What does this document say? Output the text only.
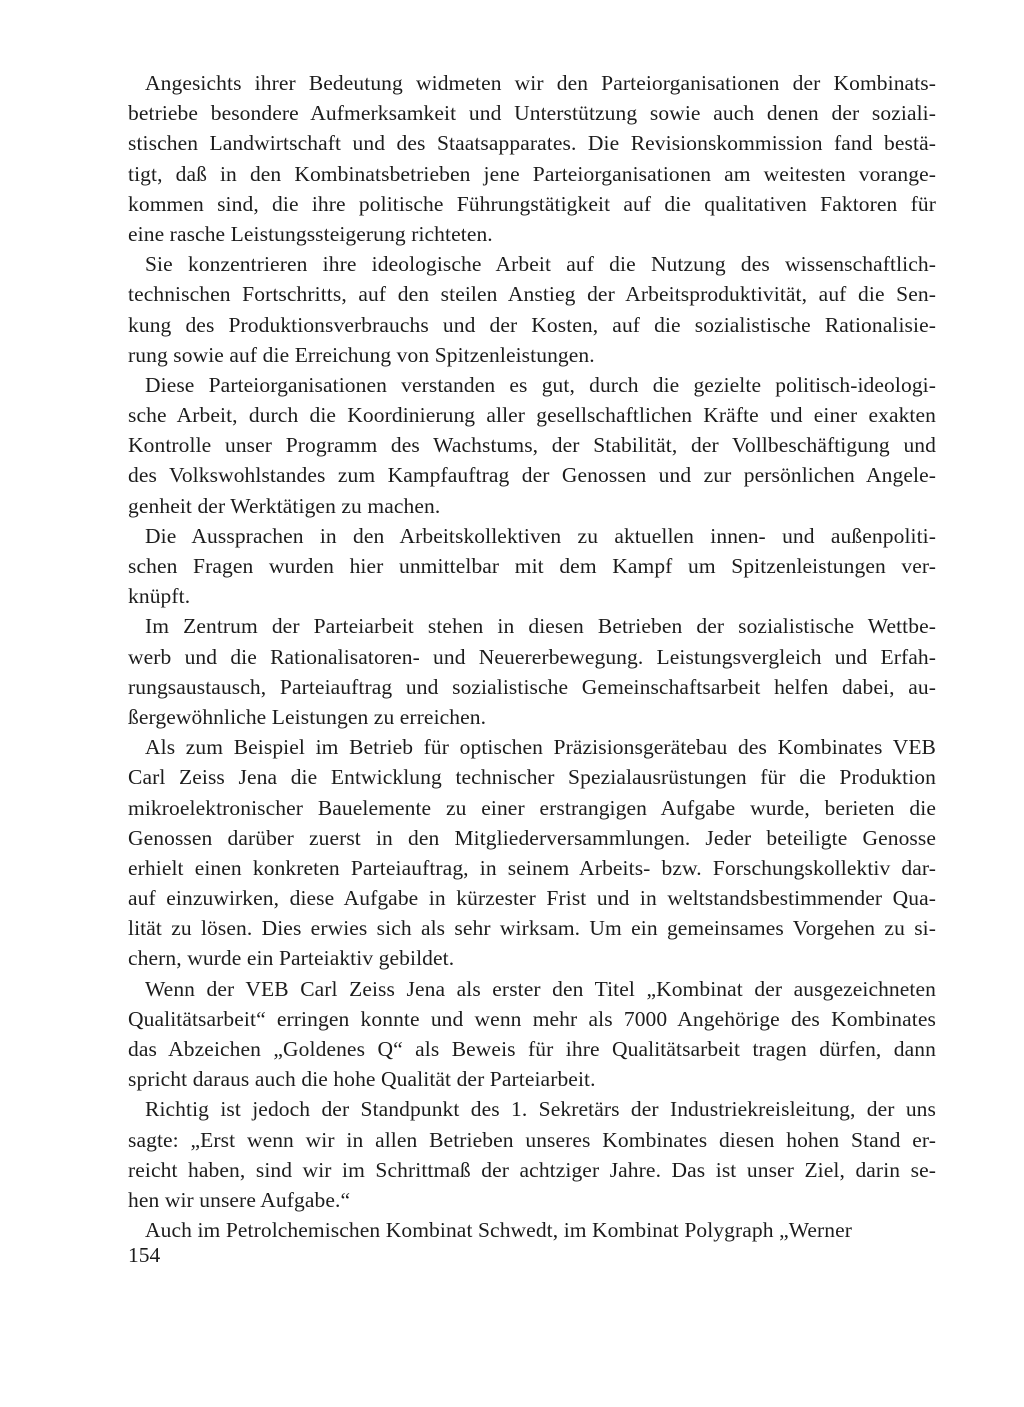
Angesichts ihrer Bedeutung widmeten wir den Parteiorganisationen der Kombinats-
betriebe besondere Aufmerksamkeit und Unterstützung sowie auch denen der soziali-
stischen Landwirtschaft und des Staatsapparates. Die Revisionskommission fand bestä-
tigt, daß in den Kombinatsbetrieben jene Parteiorganisationen am weitesten vorange-
kommen sind, die ihre politische Führungstätigkeit auf die qualitativen Faktoren für
eine rasche Leistungssteigerung richteten.
Sie konzentrieren ihre ideologische Arbeit auf die Nutzung des wissenschaftlich-
technischen Fortschritts, auf den steilen Anstieg der Arbeitsproduktivität, auf die Sen-
kung des Produktionsverbrauchs und der Kosten, auf die sozialistische Rationalisie-
rung sowie auf die Erreichung von Spitzenleistungen.
Diese Parteiorganisationen verstanden es gut, durch die gezielte politisch-ideologi-
sche Arbeit, durch die Koordinierung aller gesellschaftlichen Kräfte und einer exakten
Kontrolle unser Programm des Wachstums, der Stabilität, der Vollbeschäftigung und
des Volkswohlstandes zum Kampfauftrag der Genossen und zur persönlichen Angele-
genheit der Werktätigen zu machen.
Die Aussprachen in den Arbeitskollektiven zu aktuellen innen- und außenpoliti-
schen Fragen wurden hier unmittelbar mit dem Kampf um Spitzenleistungen ver-
knüpft.
Im Zentrum der Parteiarbeit stehen in diesen Betrieben der sozialistische Wettbe-
werb und die Rationalisatoren- und Neuererbewegung. Leistungsvergleich und Erfah-
rungsaustausch, Parteiauftrag und sozialistische Gemeinschaftsarbeit helfen dabei, au-
ßergewöhnliche Leistungen zu erreichen.
Als zum Beispiel im Betrieb für optischen Präzisionsgerätebau des Kombinates VEB
Carl Zeiss Jena die Entwicklung technischer Spezialausrüstungen für die Produktion
mikroelektronischer Bauelemente zu einer erstrangigen Aufgabe wurde, berieten die
Genossen darüber zuerst in den Mitgliederversammlungen. Jeder beteiligte Genosse
erhielt einen konkreten Parteiauftrag, in seinem Arbeits- bzw. Forschungskollektiv dar-
auf einzuwirken, diese Aufgabe in kürzester Frist und in weltstandsbestimmender Qua-
lität zu lösen. Dies erwies sich als sehr wirksam. Um ein gemeinsames Vorgehen zu si-
chern, wurde ein Parteiaktiv gebildet.
Wenn der VEB Carl Zeiss Jena als erster den Titel „Kombinat der ausgezeichneten
Qualitätsarbeit“ erringen konnte und wenn mehr als 7000 Angehörige des Kombinates
das Abzeichen „Goldenes Q“ als Beweis für ihre Qualitätsarbeit tragen dürfen, dann
spricht daraus auch die hohe Qualität der Parteiarbeit.
Richtig ist jedoch der Standpunkt des 1. Sekretärs der Industriekreisleitung, der uns
sagte: „Erst wenn wir in allen Betrieben unseres Kombinates diesen hohen Stand er-
reicht haben, sind wir im Schrittmaß der achtziger Jahre. Das ist unser Ziel, darin se-
hen wir unsere Aufgabe.“
Auch im Petrolchemischen Kombinat Schwedt, im Kombinat Polygraph „Werner
154
